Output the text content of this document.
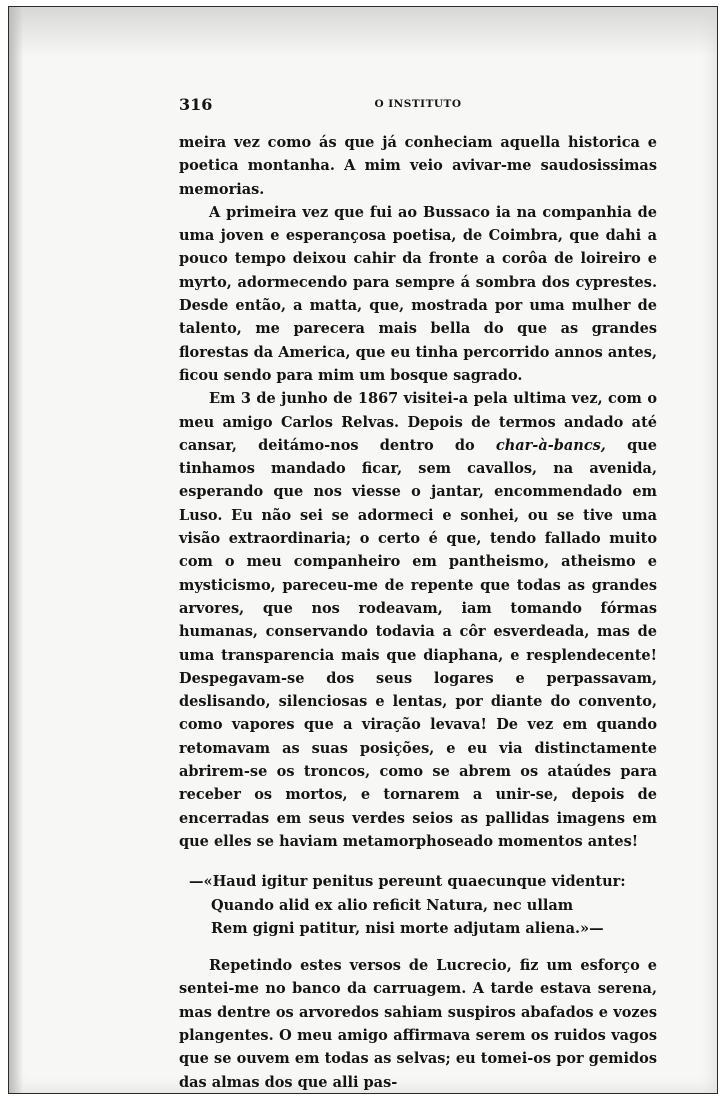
316	O INSTITUTO

meira vez como ás que já conheciam aquella historica e poetica montanha. A mim veio avivar-me saudosissimas memorias.

A primeira vez que fui ao Bussaco ia na companhia de uma joven e esperançosa poetisa, de Coimbra, que dahi a pouco tempo deixou cahir da fronte a corôa de loireiro e myrto, adormecendo para sempre á sombra dos cyprestes. Desde então, a matta, que, mostrada por uma mulher de talento, me parecera mais bella do que as grandes florestas da America, que eu tinha percorrido annos antes, ficou sendo para mim um bosque sagrado.

Em 3 de junho de 1867 visitei-a pela ultima vez, com o meu amigo Carlos Relvas. Depois de termos andado até cansar, deitámo-nos dentro do char-à-bancs, que tinhamos mandado ficar, sem cavallos, na avenida, esperando que nos viesse o jantar, encommendado em Luso. Eu não sei se adormeci e sonhei, ou se tive uma visão extraordinaria; o certo é que, tendo fallado muito com o meu companheiro em pantheismo, atheismo e mysticismo, pareceu-me de repente que todas as grandes arvores, que nos rodeavam, iam tomando fórmas humanas, conservando todavia a côr esverdeada, mas de uma transparencia mais que diaphana, e resplendecente! Despegavam-se dos seus logares e perpassavam, deslisando, silenciosas e lentas, por diante do convento, como vapores que a viração levava! De vez em quando retomavam as suas posições, e eu via distinctamente abrirem-se os troncos, como se abrem os ataúdes para receber os mortos, e tornarem a unir-se, depois de encerradas em seus verdes seios as pallidas imagens em que elles se haviam metamorphoseado momentos antes!

—«Haud igitur penitus pereunt quaecunque videntur:
Quando alid ex alio reficit Natura, nec ullam
Rem gigni patitur, nisi morte adjutam aliena.»—

Repetindo estes versos de Lucrecio, fiz um esforço e sentei-me no banco da carruagem. A tarde estava serena, mas dentre os arvoredos sahiam suspiros abafados e vozes plangentes. O meu amigo affirmava serem os ruidos vagos que se ouvem em todas as selvas; eu tomei-os por gemidos das almas dos que alli pas-
